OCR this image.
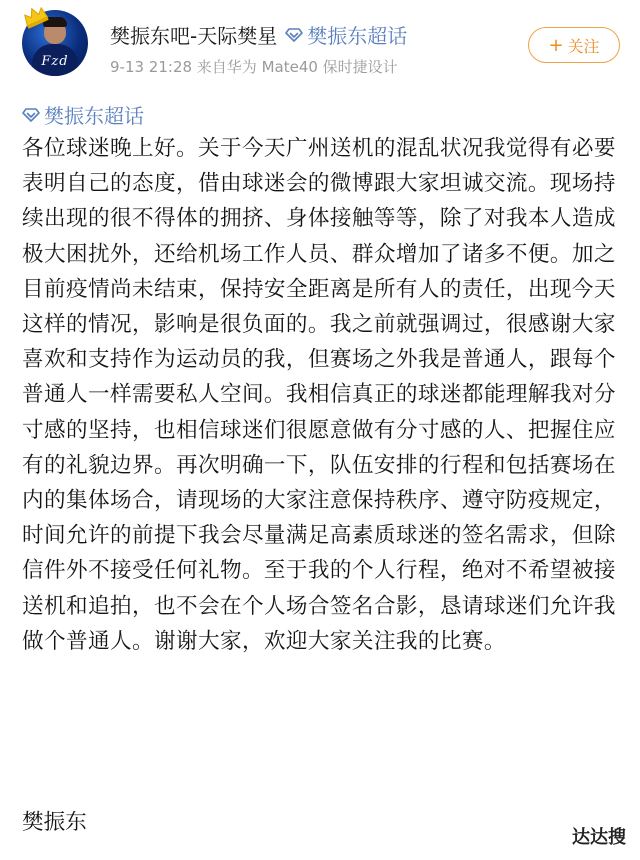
Fzd
樊振东吧-天际樊星 樊振东超话
9-13 21:28 来自华为 Mate40 保时捷设计
+ 关注
樊振东超话
各位球迷晚上好。关于今天广州送机的混乱状况我觉得有必要表明自己的态度，借由球迷会的微博跟大家坦诚交流。现场持续出现的很不得体的拥挤、身体接触等等，除了对我本人造成极大困扰外，还给机场工作人员、群众增加了诸多不便。加之目前疫情尚未结束，保持安全距离是所有人的责任，出现今天这样的情况，影响是很负面的。我之前就强调过，很感谢大家喜欢和支持作为运动员的我，但赛场之外我是普通人，跟每个普通人一样需要私人空间。我相信真正的球迷都能理解我对分寸感的坚持，也相信球迷们很愿意做有分寸感的人、把握住应有的礼貌边界。再次明确一下，队伍安排的行程和包括赛场在内的集体场合，请现场的大家注意保持秩序、遵守防疫规定，时间允许的前提下我会尽量满足高素质球迷的签名需求，但除信件外不接受任何礼物。至于我的个人行程，绝对不希望被接送机和追拍，也不会在个人场合签名合影，恳请球迷们允许我做个普通人。谢谢大家，欢迎大家关注我的比赛。
樊振东
达达搜
